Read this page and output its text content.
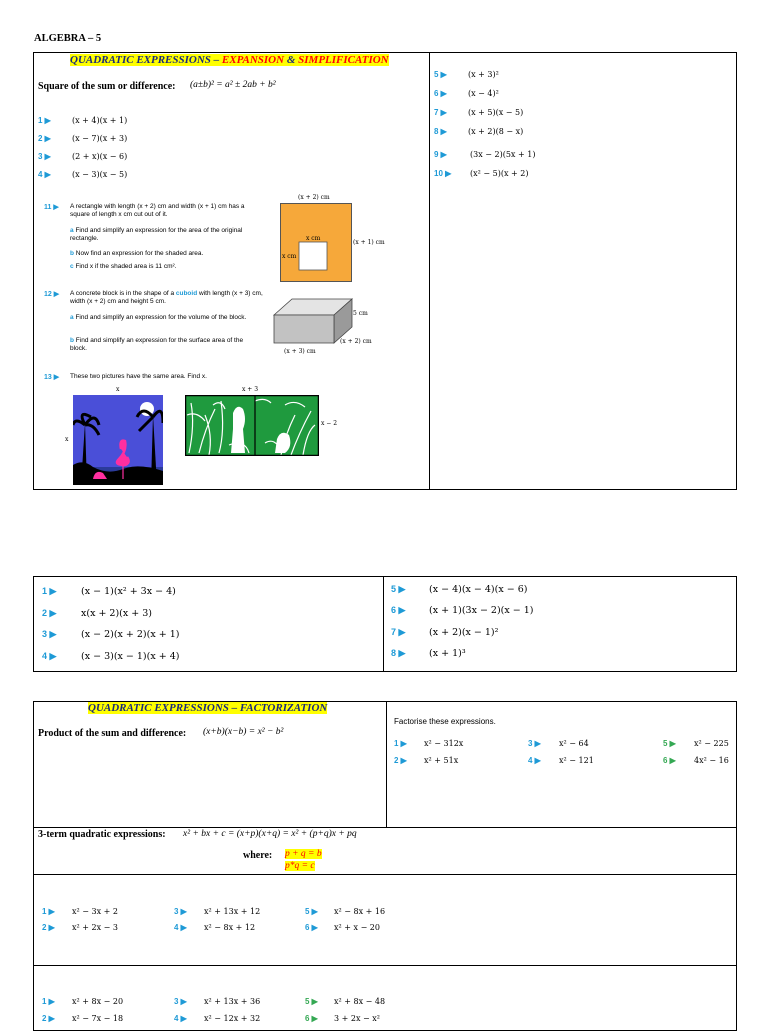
ALGEBRA – 5
QUADRATIC EXPRESSIONS – EXPANSION & SIMPLIFICATION
Square of the sum or difference: (a±b)² = a² ± 2ab + b²
1 ▶	(x + 4)(x + 1)
2 ▶	(x − 7)(x + 3)
3 ▶	(2 + x)(x − 6)
4 ▶	(x − 3)(x − 5)
5 ▶	(x + 3)²
6 ▶	(x − 4)²
7 ▶	(x + 5)(x − 5)
8 ▶	(x + 2)(8 − x)
9 ▶	(3x − 2)(5x + 1)
10 ▶ (x² − 5)(x + 2)
11 ▶ A rectangle with length (x + 2) cm and width (x + 1) cm has a square of length x cm cut out of it.
a Find and simplify an expression for the area of the original rectangle.
b Now find an expression for the shaded area.
c Find x if the shaded area is 11 cm².
(x + 2) cm
x cm
x cm
(x + 1) cm
12 ▶ A concrete block is in the shape of a cuboid with length (x + 3) cm, width (x + 2) cm and height 5 cm.
a Find and simplify an expression for the volume of the block.
b Find and simplify an expression for the surface area of the block.
5 cm
(x + 2) cm
(x + 3) cm
13 ▶ These two pictures have the same area. Find x.
x
x
x + 3
x − 2
1 ▶	(x − 1)(x² + 3x − 4)
2 ▶	x(x + 2)(x + 3)
3 ▶	(x − 2)(x + 2)(x + 1)
4 ▶	(x − 3)(x − 1)(x + 4)
5 ▶ (x − 4)(x − 4)(x − 6)
6 ▶ (x + 1)(3x − 2)(x − 1)
7 ▶ (x + 2)(x − 1)²
8 ▶ (x + 1)³
QUADRATIC EXPRESSIONS – FACTORIZATION
Product of the sum and difference: (x+b)(x−b) = x² − b²
Factorise these expressions.
1 ▶ x² − 312x
2 ▶ x² + 51x
3 ▶ x² − 64
4 ▶ x² − 121
5 ▶ x² − 225
6 ▶ 4x² − 16
3-term quadratic expressions: x² + bx + c = (x+p)(x+q) = x² + (p+q)x + pq
where: p + q = b
p*q = c
1 ▶ x² − 3x + 2
2 ▶ x² + 2x − 3
3 ▶ x² + 13x + 12
4 ▶ x² − 8x + 12
5 ▶ x² − 8x + 16
6 ▶ x² + x − 20
1 ▶ x² + 8x − 20
2 ▶ x² − 7x − 18
3 ▶ x² + 13x + 36
4 ▶ x² − 12x + 32
5 ▶ x² + 8x − 48
6 ▶ 3 + 2x − x²
